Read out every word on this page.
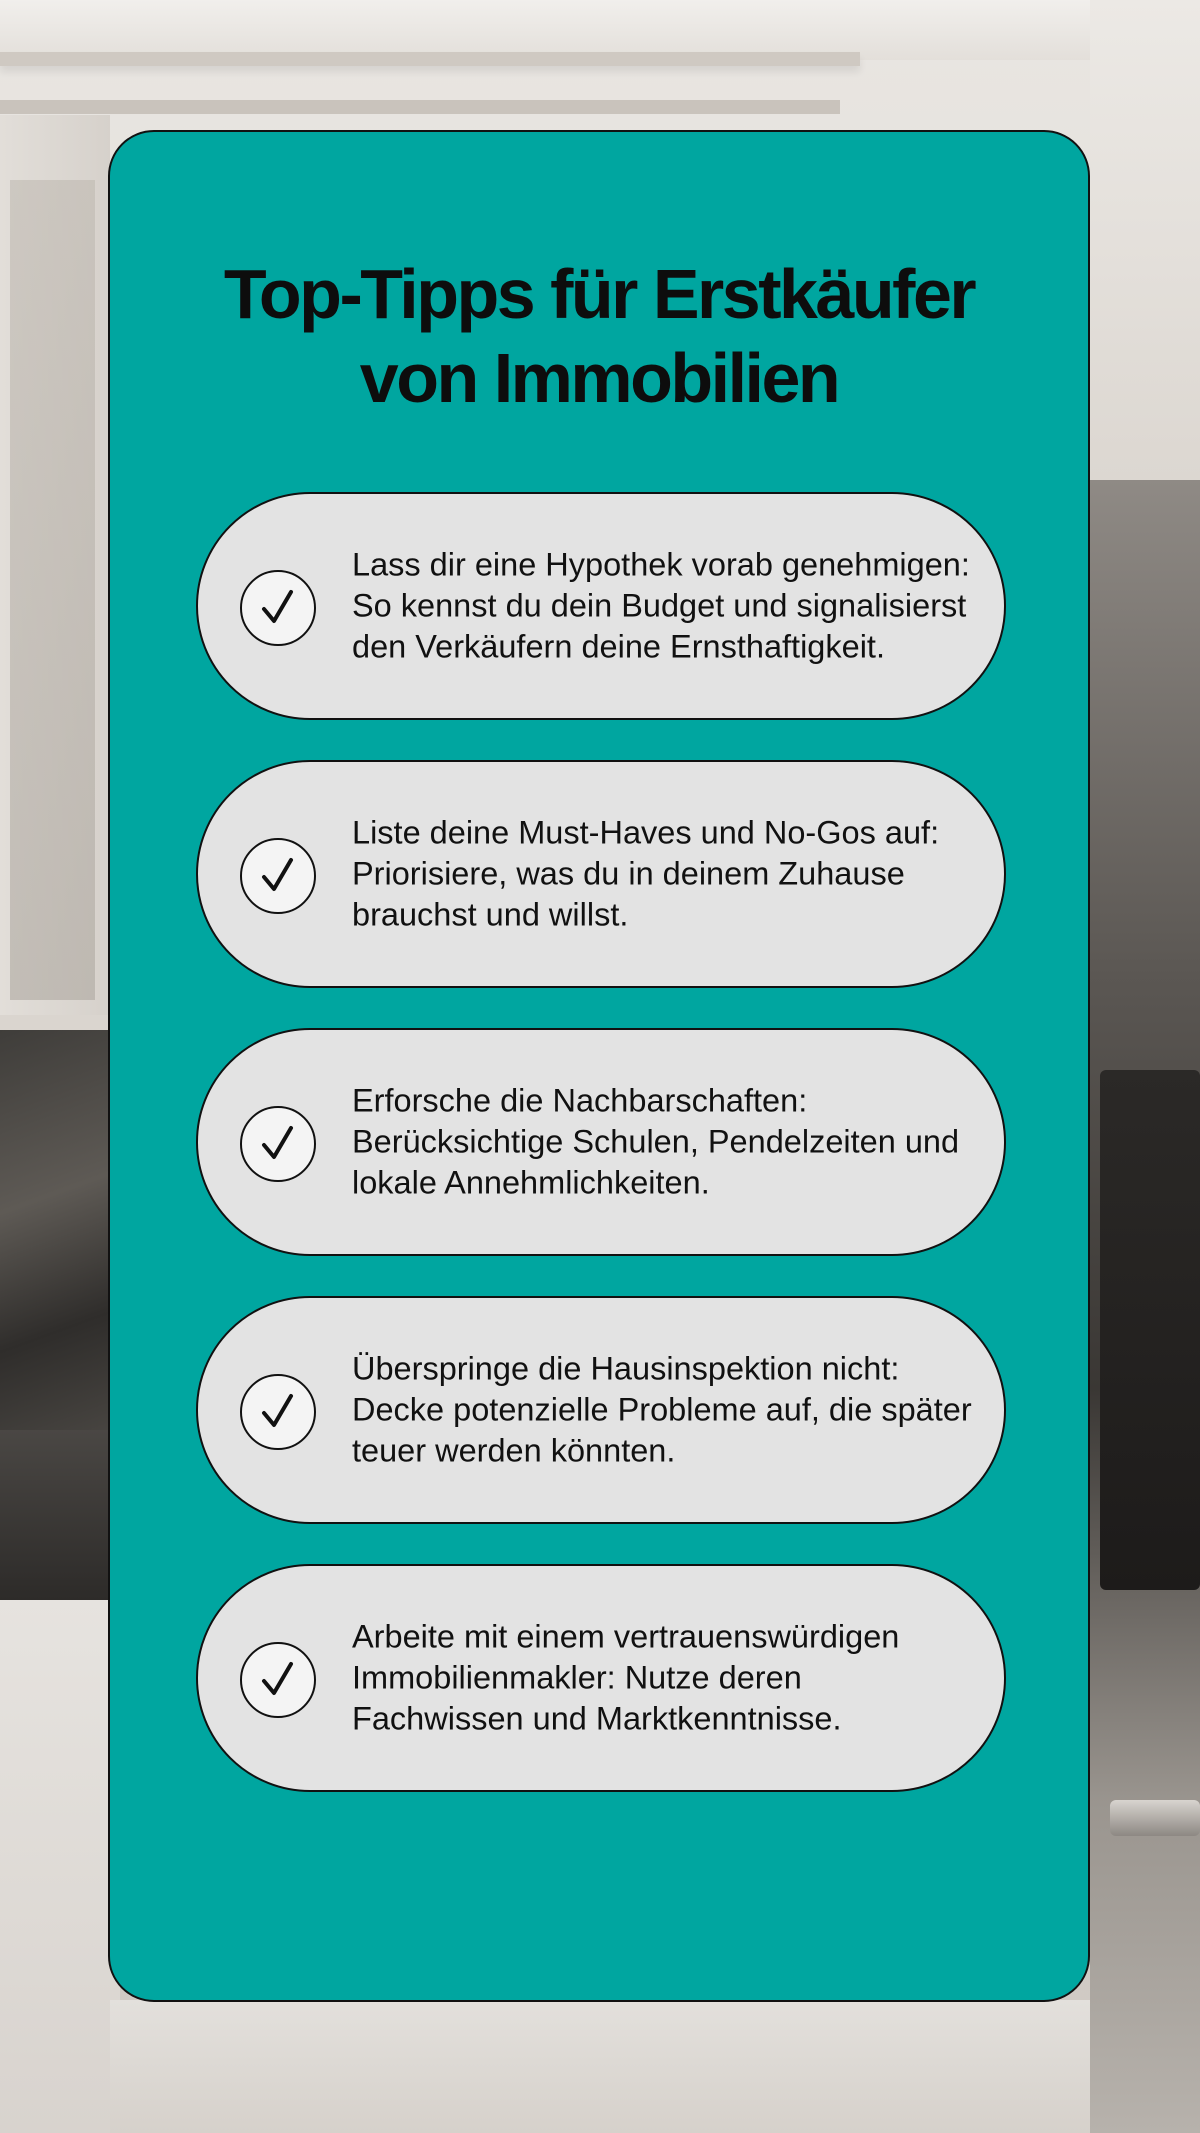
Top-Tipps für Erstkäufer
von Immobilien

Lass dir eine Hypothek vorab genehmigen: So kennst du dein Budget und signalisierst den Verkäufern deine Ernsthaftigkeit.

Liste deine Must-Haves und No-Gos auf: Priorisiere, was du in deinem Zuhause brauchst und willst.

Erforsche die Nachbarschaften: Berücksichtige Schulen, Pendelzeiten und lokale Annehmlichkeiten.

Überspringe die Hausinspektion nicht: Decke potenzielle Probleme auf, die später teuer werden könnten.

Arbeite mit einem vertrauenswürdigen Immobilienmakler: Nutze deren Fachwissen und Marktkenntnisse.
